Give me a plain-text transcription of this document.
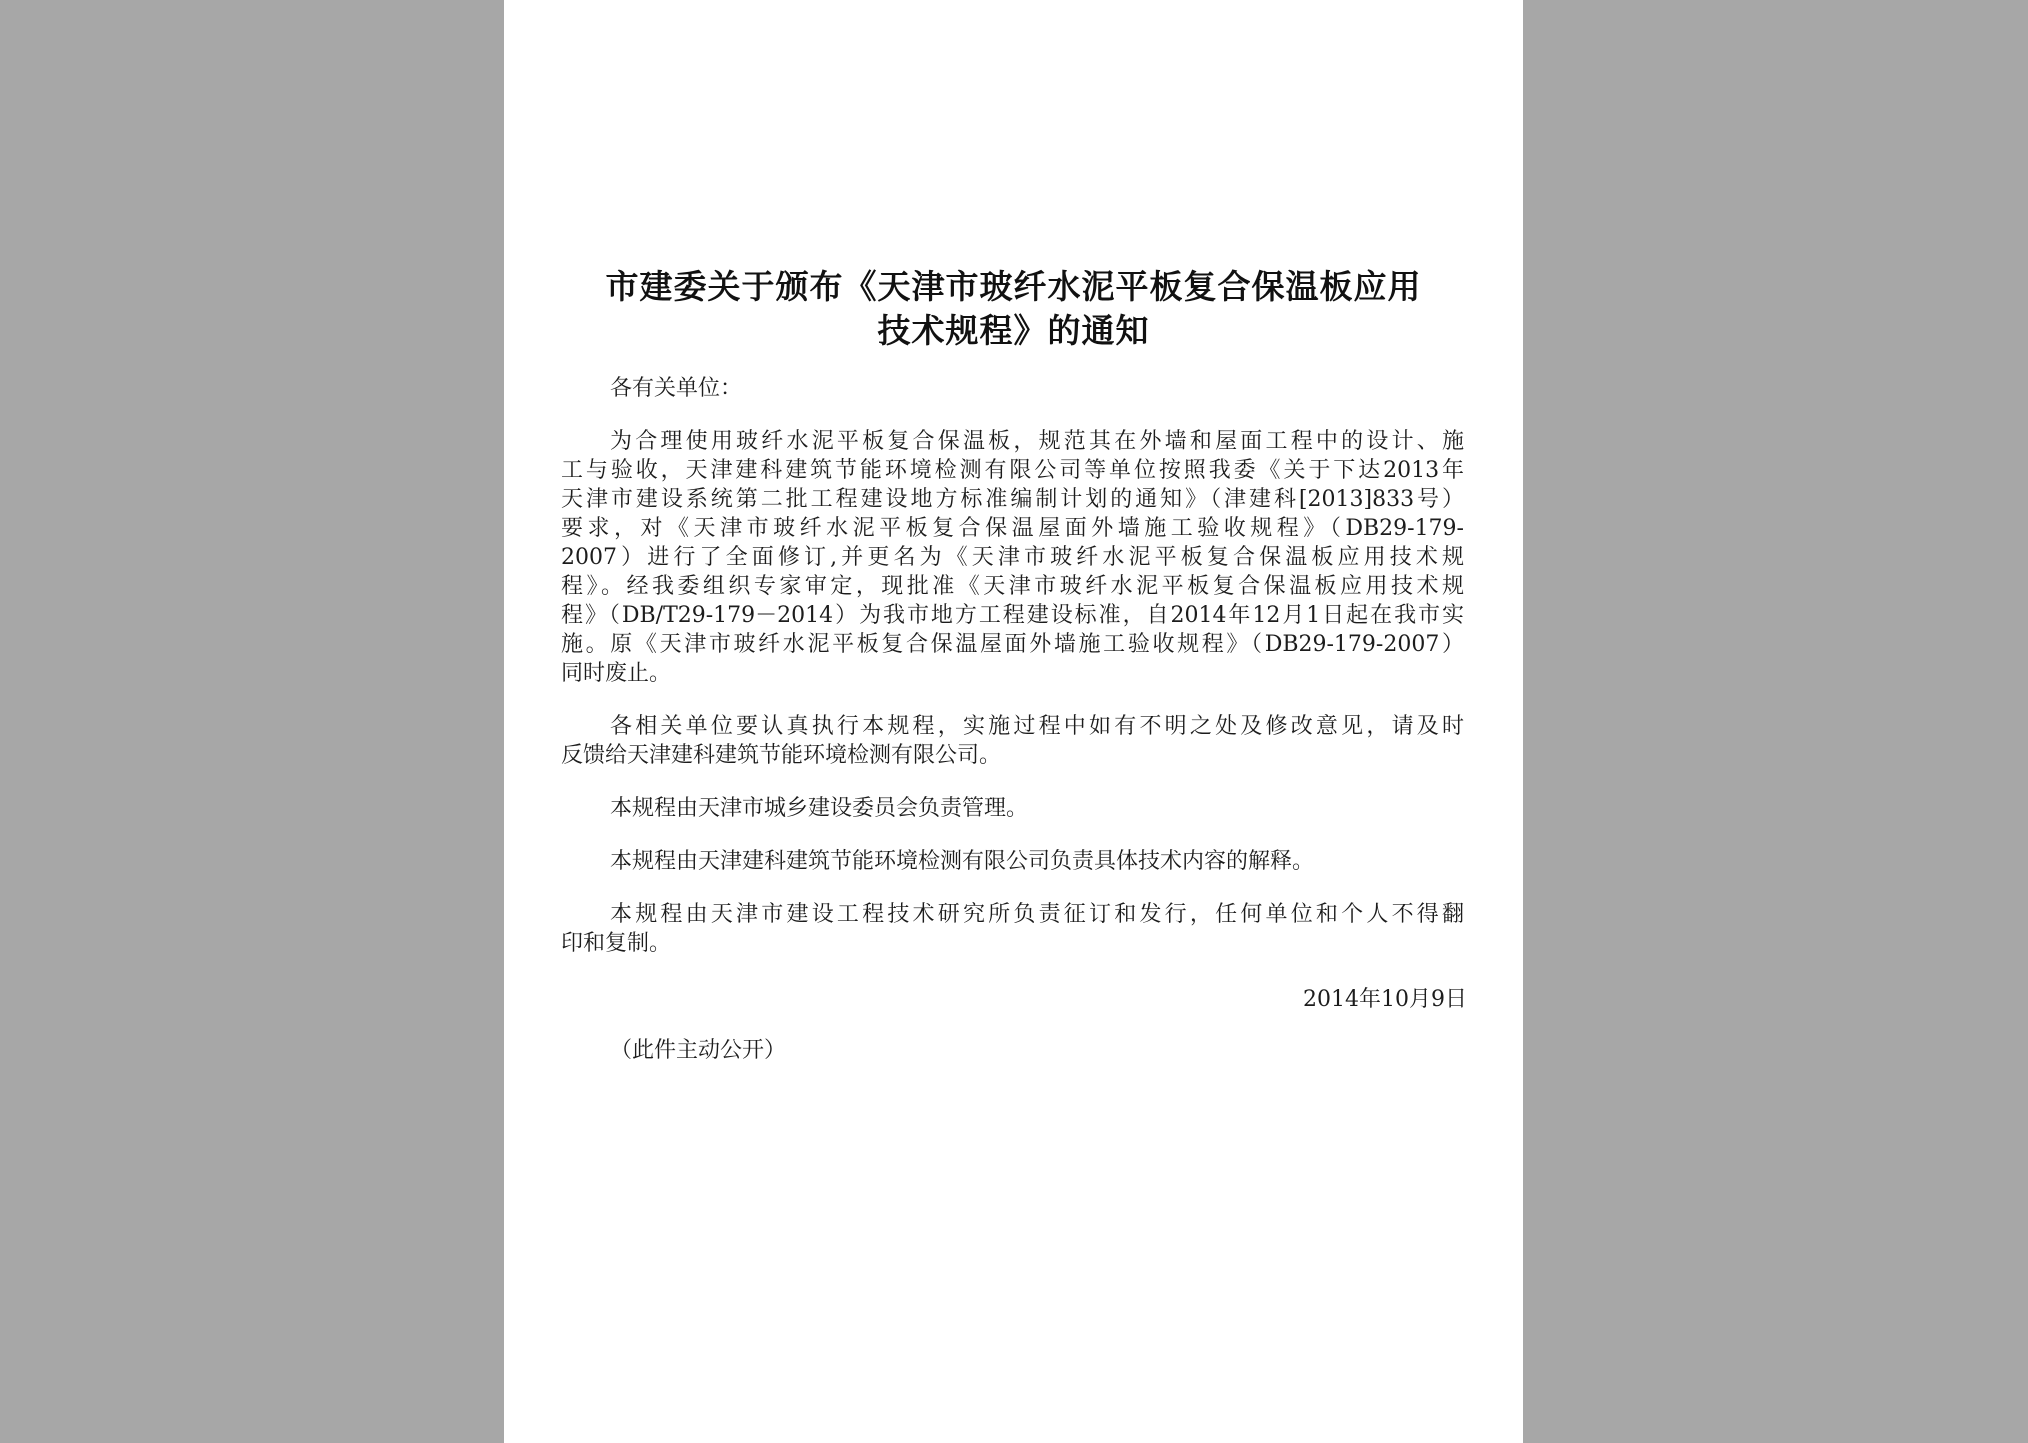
市建委关于颁布《天津市玻纤水泥平板复合保温板应用
技术规程》的通知
各有关单位：
为合理使用玻纤水泥平板复合保温板，规范其在外墙和屋面工程中的设计、施
工与验收，天津建科建筑节能环境检测有限公司等单位按照我委《关于下达2013年
天津市建设系统第二批工程建设地方标准编制计划的通知》（津建科[2013]833号）
要求，对《天津市玻纤水泥平板复合保温屋面外墙施工验收规程》（DB29-179-
2007）进行了全面修订,并更名为《天津市玻纤水泥平板复合保温板应用技术规
程》。经我委组织专家审定，现批准《天津市玻纤水泥平板复合保温板应用技术规
程》（DB/T29-179－2014）为我市地方工程建设标准，自2014年12月1日起在我市实
施。原《天津市玻纤水泥平板复合保温屋面外墙施工验收规程》（DB29-179-2007）
同时废止。
各相关单位要认真执行本规程，实施过程中如有不明之处及修改意见，请及时
反馈给天津建科建筑节能环境检测有限公司。
本规程由天津市城乡建设委员会负责管理。
本规程由天津建科建筑节能环境检测有限公司负责具体技术内容的解释。
本规程由天津市建设工程技术研究所负责征订和发行，任何单位和个人不得翻
印和复制。
2014年10月9日
（此件主动公开）
